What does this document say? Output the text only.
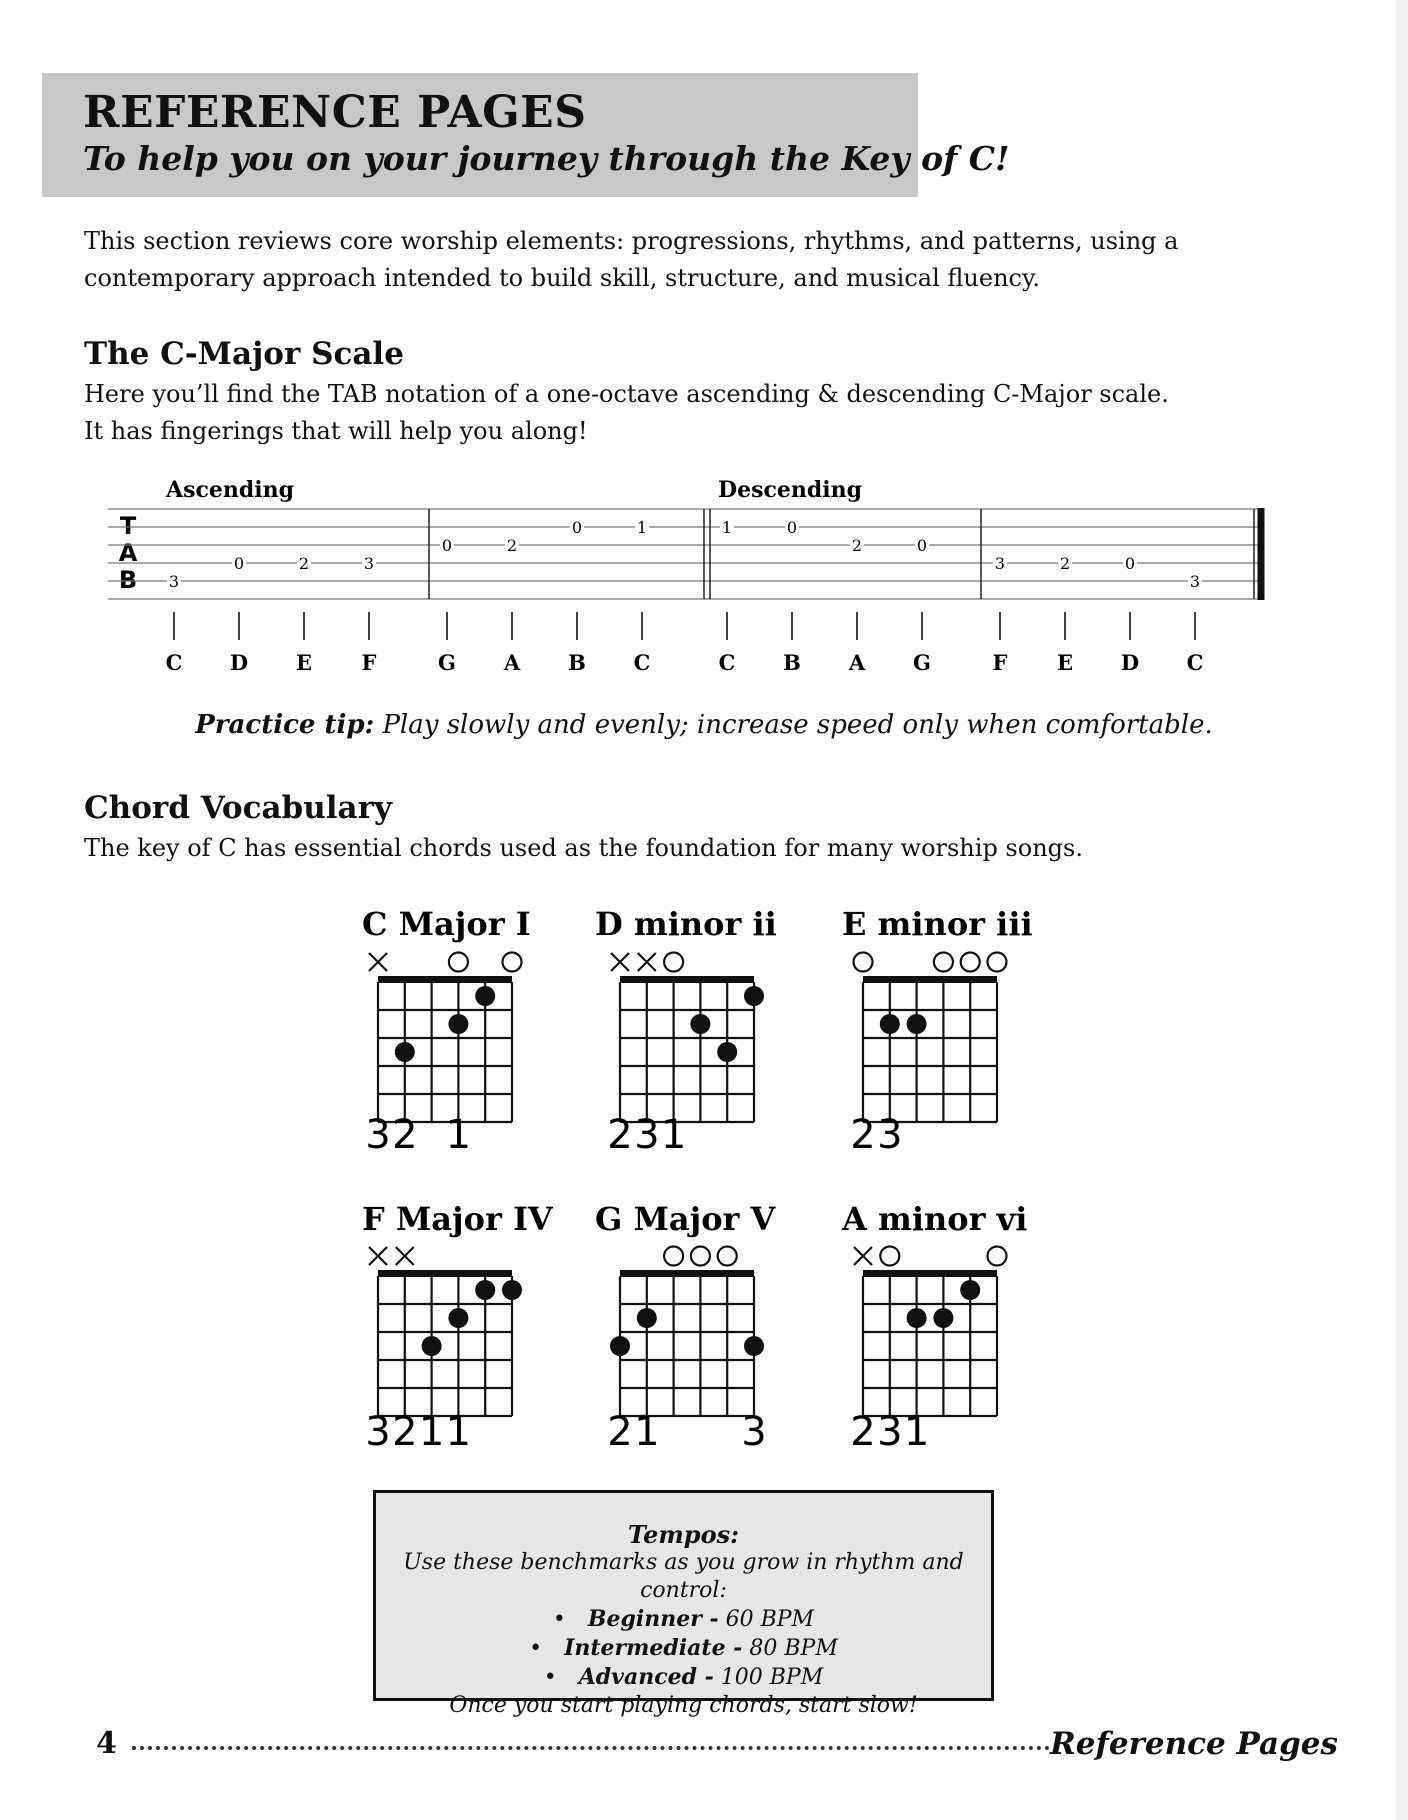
REFERENCE PAGES
To help you on your journey through the Key of C!
This section reviews core worship elements: progressions, rhythms, and patterns, using a
contemporary approach intended to build skill, structure, and musical fluency.
The C-Major Scale
Here you’ll find the TAB notation of a one-octave ascending & descending C-Major scale.
It has fingerings that will help you along!
Ascending	Descending
T
A
B 3
C
0
D
2
E
3
F
0
G
2
A
0
B
1
C
1
C
0
B
2
A
0
G
3
F
2
E
0
D
3
C
Practice tip: Play slowly and evenly; increase speed only when comfortable.
Chord Vocabulary
The key of C has essential chords used as the foundation for many worship songs.
C Major I
32 1
D minor ii
231
E minor iii
23
F Major IV
3211
G Major V
21 3
A minor vi
231
Tempos:
Use these benchmarks as you grow in rhythm and control:
• Beginner - 60 BPM
• Intermediate - 80 BPM
• Advanced - 100 BPM
Once you start playing chords, start slow!
4	Reference Pages
